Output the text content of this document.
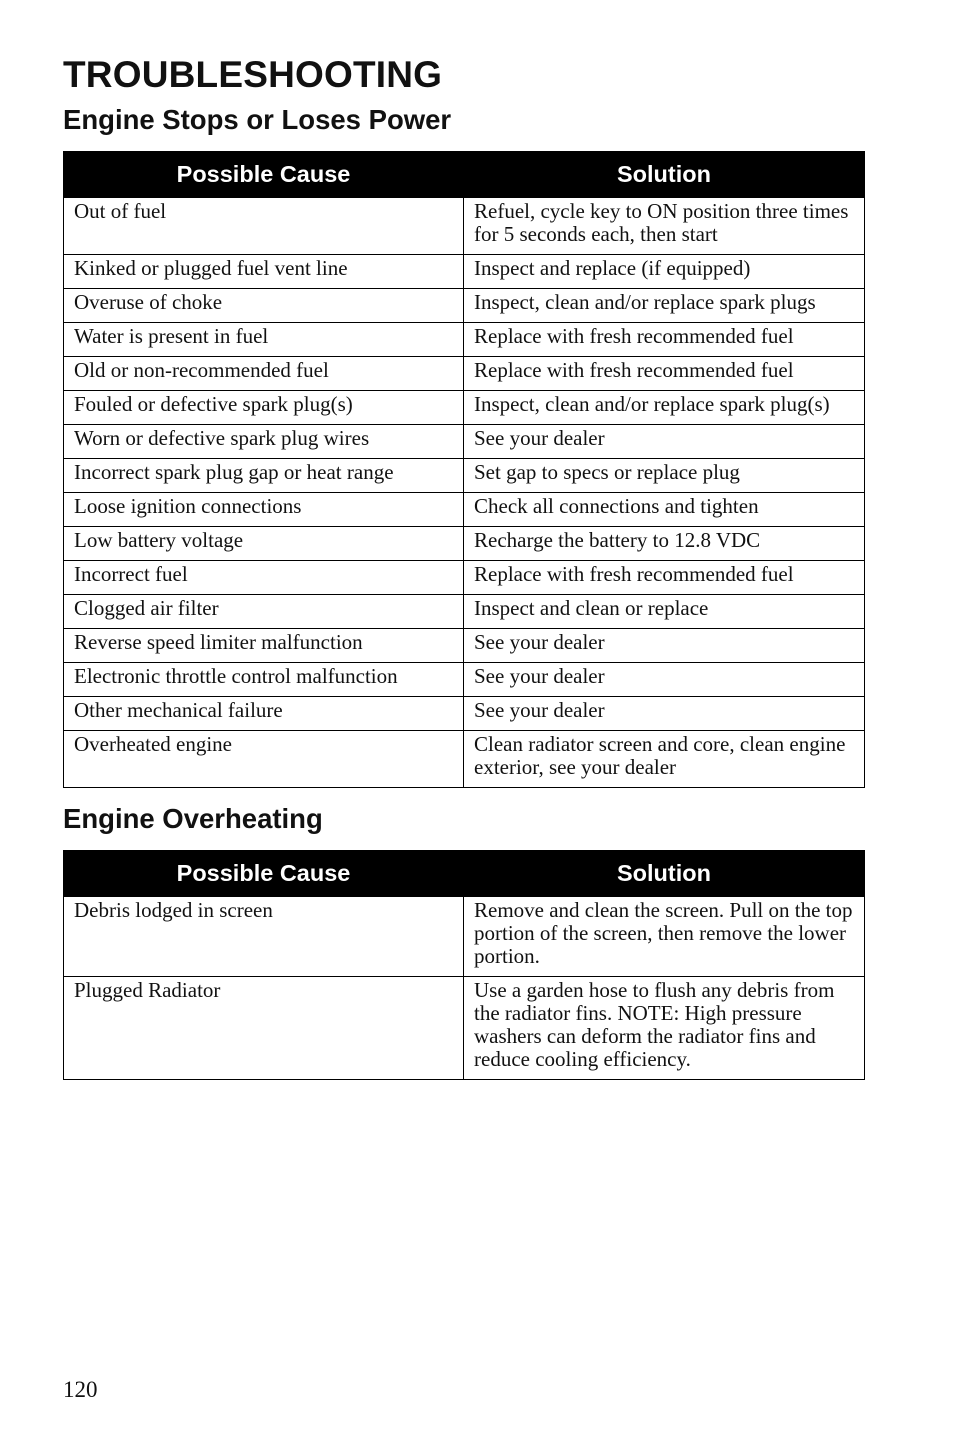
TROUBLESHOOTING
Engine Stops or Loses Power
Possible Cause	Solution
Out of fuel	Refuel, cycle key to ON position three times for 5 seconds each, then start
Kinked or plugged fuel vent line	Inspect and replace (if equipped)
Overuse of choke	Inspect, clean and/or replace spark plugs
Water is present in fuel	Replace with fresh recommended fuel
Old or non-recommended fuel	Replace with fresh recommended fuel
Fouled or defective spark plug(s)	Inspect, clean and/or replace spark plug(s)
Worn or defective spark plug wires	See your dealer
Incorrect spark plug gap or heat range	Set gap to specs or replace plug
Loose ignition connections	Check all connections and tighten
Low battery voltage	Recharge the battery to 12.8 VDC
Incorrect fuel	Replace with fresh recommended fuel
Clogged air filter	Inspect and clean or replace
Reverse speed limiter malfunction	See your dealer
Electronic throttle control malfunction	See your dealer
Other mechanical failure	See your dealer
Overheated engine	Clean radiator screen and core, clean engine exterior, see your dealer
Engine Overheating
Possible Cause	Solution
Debris lodged in screen	Remove and clean the screen. Pull on the top portion of the screen, then remove the lower portion.
Plugged Radiator	Use a garden hose to flush any debris from the radiator fins. NOTE: High pressure washers can deform the radiator fins and reduce cooling efficiency.
120
